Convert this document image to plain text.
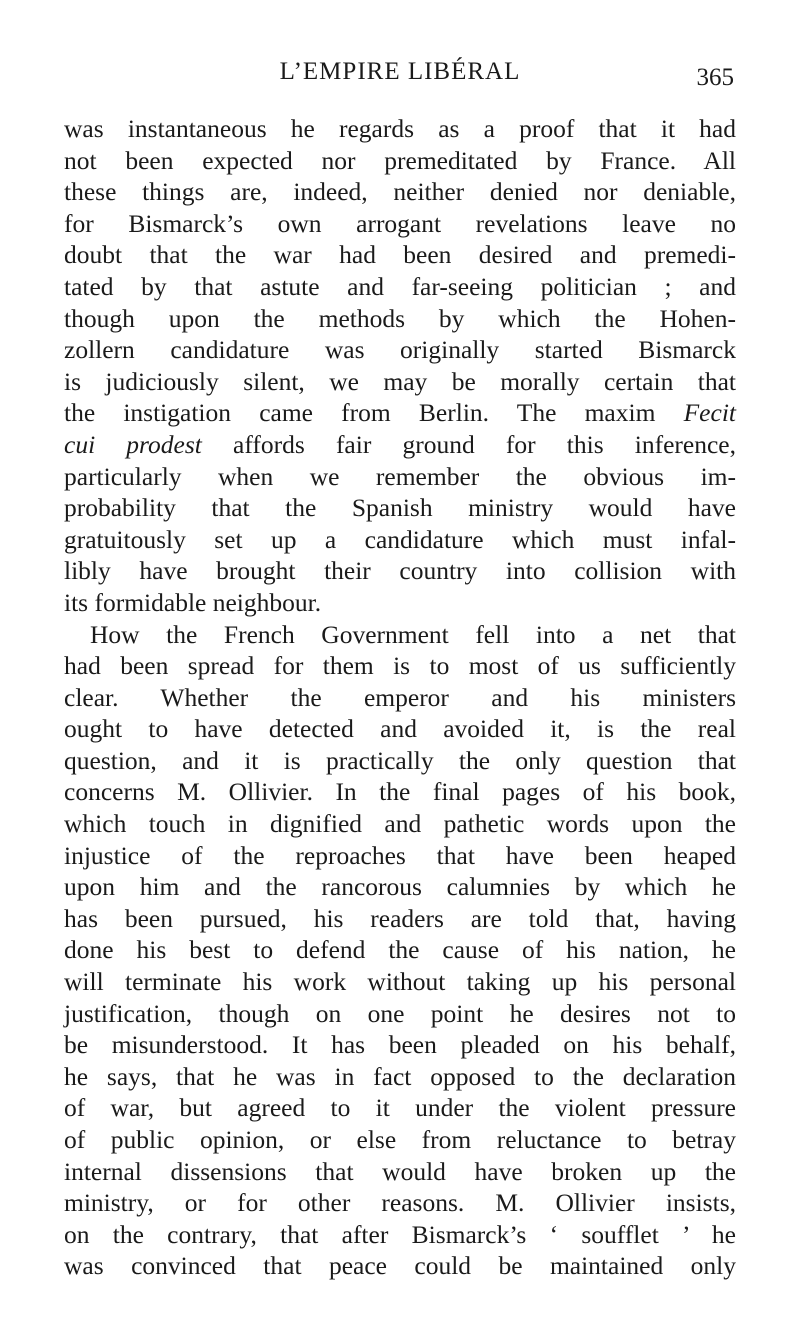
L’EMPIRE LIBÉRAL	365
was instantaneous he regards as a proof that it had
not been expected nor premeditated by France. All
these things are, indeed, neither denied nor deniable,
for Bismarck’s own arrogant revelations leave no
doubt that the war had been desired and premedi-
tated by that astute and far-seeing politician ; and
though upon the methods by which the Hohen-
zollern candidature was originally started Bismarck
is judiciously silent, we may be morally certain that
the instigation came from Berlin. The maxim Fecit
cui prodest affords fair ground for this inference,
particularly when we remember the obvious im-
probability that the Spanish ministry would have
gratuitously set up a candidature which must infal-
libly have brought their country into collision with
its formidable neighbour.
How the French Government fell into a net that
had been spread for them is to most of us sufficiently
clear. Whether the emperor and his ministers
ought to have detected and avoided it, is the real
question, and it is practically the only question that
concerns M. Ollivier. In the final pages of his book,
which touch in dignified and pathetic words upon the
injustice of the reproaches that have been heaped
upon him and the rancorous calumnies by which he
has been pursued, his readers are told that, having
done his best to defend the cause of his nation, he
will terminate his work without taking up his personal
justification, though on one point he desires not to
be misunderstood. It has been pleaded on his behalf,
he says, that he was in fact opposed to the declaration
of war, but agreed to it under the violent pressure
of public opinion, or else from reluctance to betray
internal dissensions that would have broken up the
ministry, or for other reasons. M. Ollivier insists,
on the contrary, that after Bismarck’s ‘ soufflet ’ he
was convinced that peace could be maintained only
